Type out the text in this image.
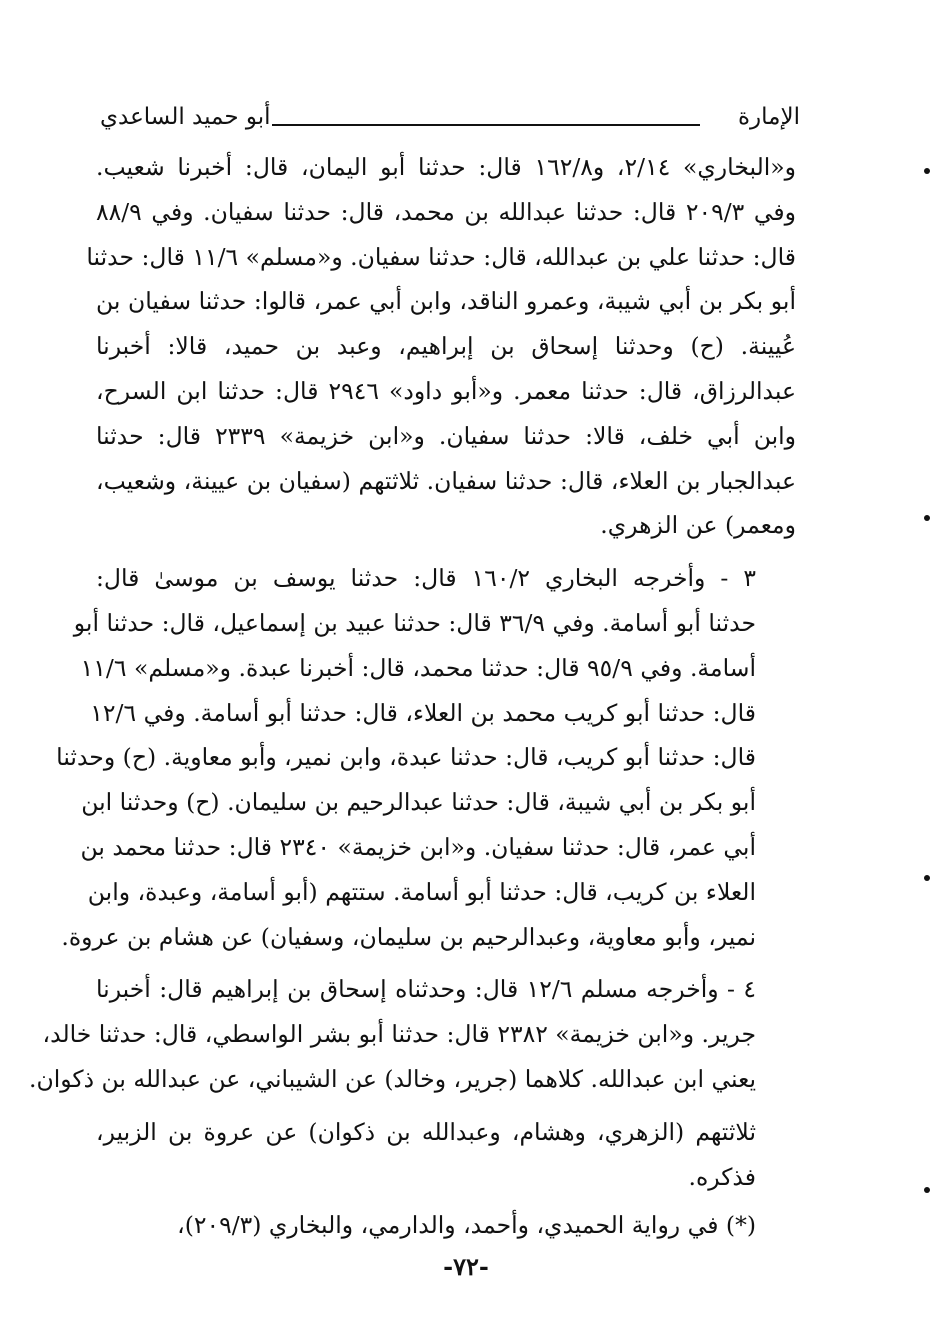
الإمارة
أبو حميد الساعدي
و«البخاري» ٢/١٤، و١٦٢/٨ قال: حدثنا أبو اليمان، قال: أخبرنا شعيب.
وفي ٢٠٩/٣ قال: حدثنا عبدالله بن محمد، قال: حدثنا سفيان. وفي ٨٨/٩
قال: حدثنا علي بن عبدالله، قال: حدثنا سفيان. و«مسلم» ١١/٦ قال: حدثنا
أبو بكر بن أبي شيبة، وعمرو الناقد، وابن أبي عمر، قالوا: حدثنا سفيان بن
عُيينة. (ح) وحدثنا إسحاق بن إبراهيم، وعبد بن حميد، قالا: أخبرنا
عبدالرزاق، قال: حدثنا معمر. و«أبو داود» ٢٩٤٦ قال: حدثنا ابن السرح،
وابن أبي خلف، قالا: حدثنا سفيان. و«ابن خزيمة» ٢٣٣٩ قال: حدثنا
عبدالجبار بن العلاء، قال: حدثنا سفيان. ثلاثتهم (سفيان بن عيينة، وشعيب،
ومعمر) عن الزهري.
٣ - وأخرجه البخاري ١٦٠/٢ قال: حدثنا يوسف بن موسىٰ قال:
حدثنا أبو أسامة. وفي ٣٦/٩ قال: حدثنا عبيد بن إسماعيل، قال: حدثنا أبو
أسامة. وفي ٩٥/٩ قال: حدثنا محمد، قال: أخبرنا عبدة. و«مسلم» ١١/٦
قال: حدثنا أبو كريب محمد بن العلاء، قال: حدثنا أبو أسامة. وفي ١٢/٦
قال: حدثنا أبو كريب، قال: حدثنا عبدة، وابن نمير، وأبو معاوية. (ح) وحدثنا
أبو بكر بن أبي شيبة، قال: حدثنا عبدالرحيم بن سليمان. (ح) وحدثنا ابن
أبي عمر، قال: حدثنا سفيان. و«ابن خزيمة» ٢٣٤٠ قال: حدثنا محمد بن
العلاء بن كريب، قال: حدثنا أبو أسامة. ستتهم (أبو أسامة، وعبدة، وابن
نمير، وأبو معاوية، وعبدالرحيم بن سليمان، وسفيان) عن هشام بن عروة.
٤ - وأخرجه مسلم ١٢/٦ قال: وحدثناه إسحاق بن إبراهيم قال: أخبرنا
جرير. و«ابن خزيمة» ٢٣٨٢ قال: حدثنا أبو بشر الواسطي، قال: حدثنا خالد،
يعني ابن عبدالله. كلاهما (جرير، وخالد) عن الشيباني، عن عبدالله بن ذكوان.
ثلاثتهم (الزهري، وهشام، وعبدالله بن ذكوان) عن عروة بن الزبير،
فذكره.
(*) في رواية الحميدي، وأحمد، والدارمي، والبخاري (٢٠٩/٣)،
-٧٢-
